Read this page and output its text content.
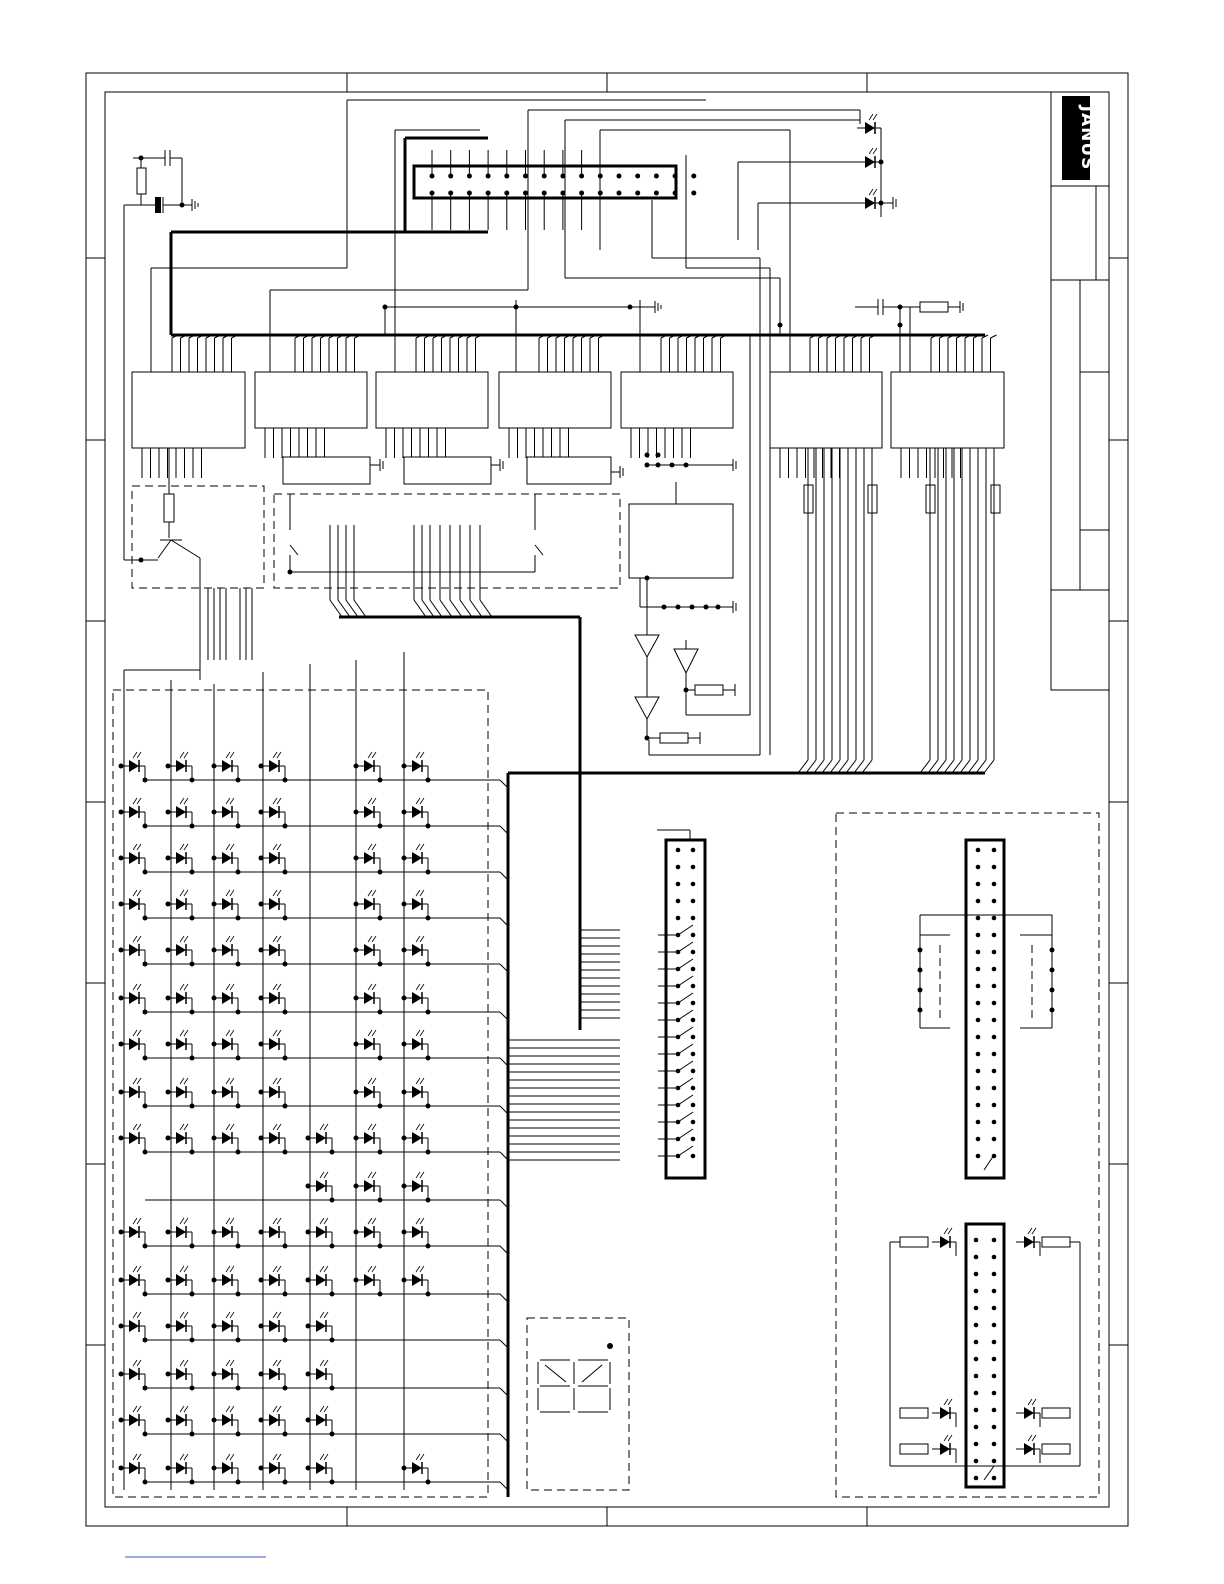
JANUS
